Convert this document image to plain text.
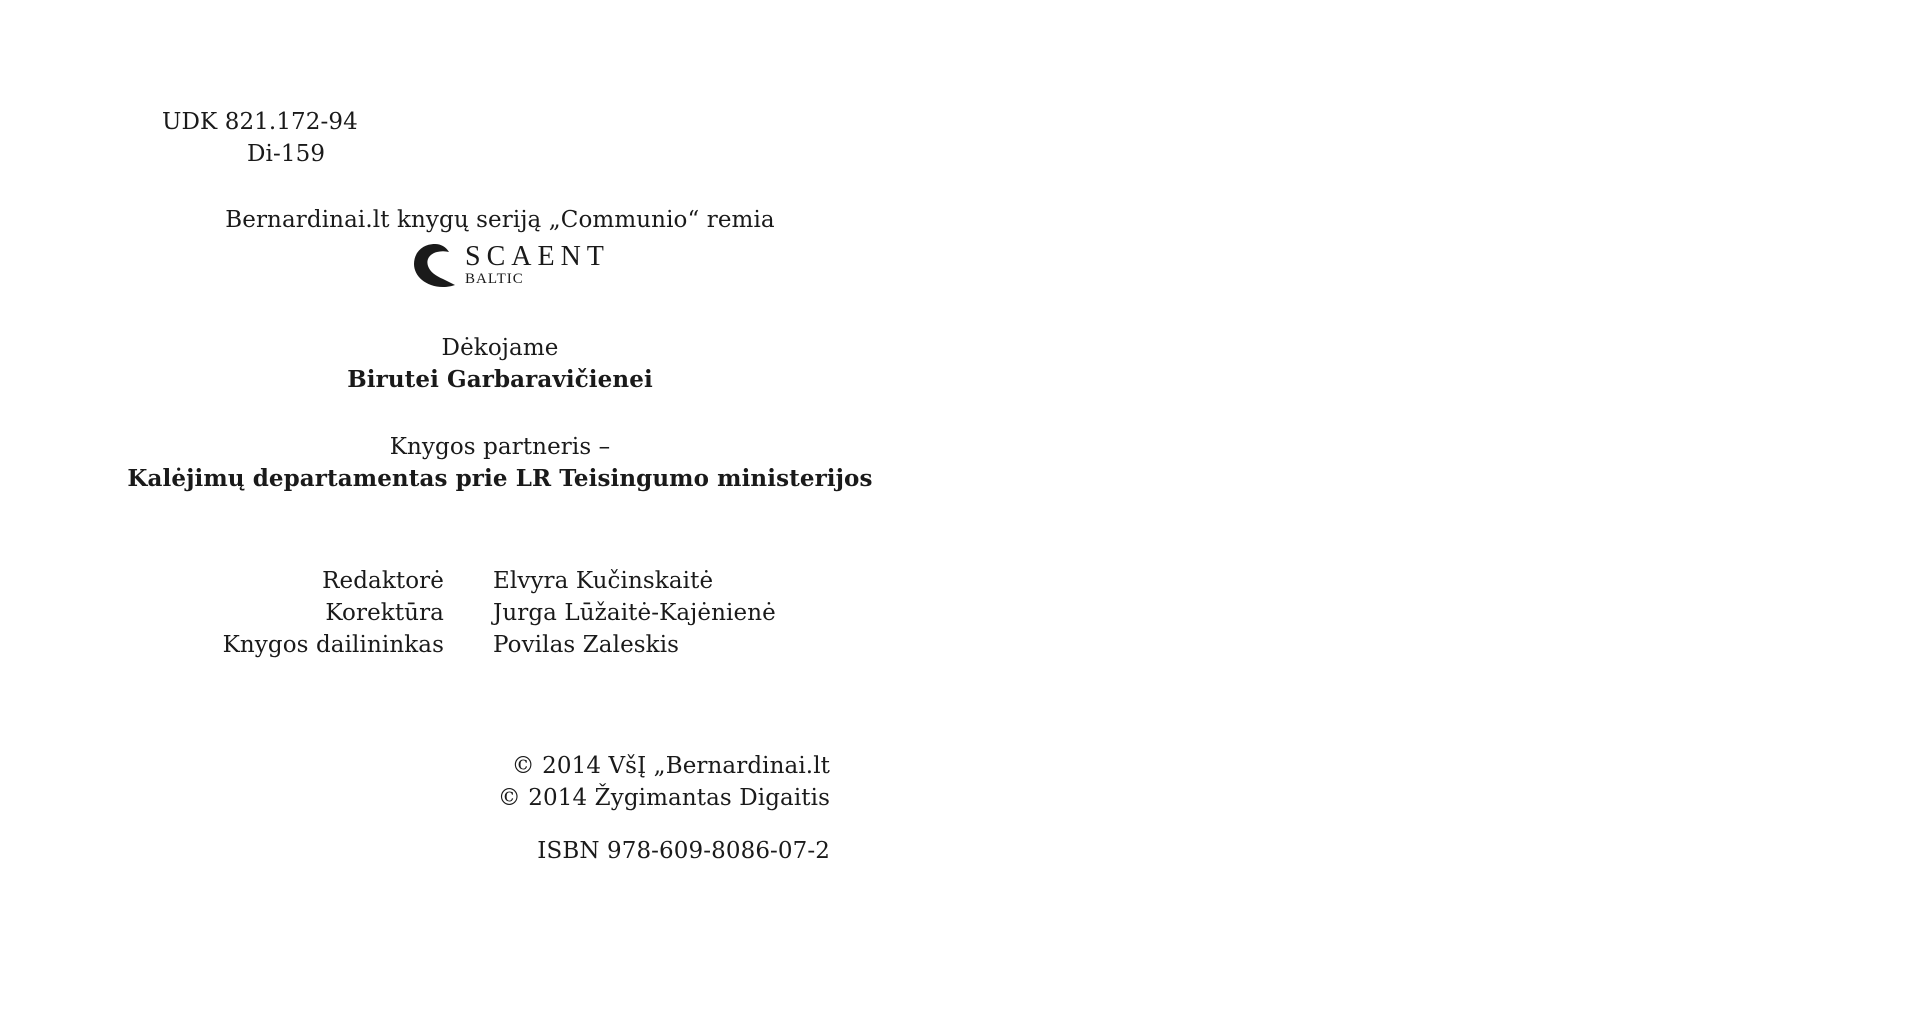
UDK 821.172-94
Di-159
Bernardinai.lt knygų seriją „Communio“ remia
SCAENT
BALTIC
Dėkojame
Birutei Garbaravičienei
Knygos partneris –
Kalėjimų departamentas prie LR Teisingumo ministerijos
Redaktorė Elvyra Kučinskaitė
Korektūra Jurga Lūžaitė-Kajėnienė
Knygos dailininkas Povilas Zaleskis
© 2014 VšĮ „Bernardinai.lt
© 2014 Žygimantas Digaitis
ISBN 978-609-8086-07-2
